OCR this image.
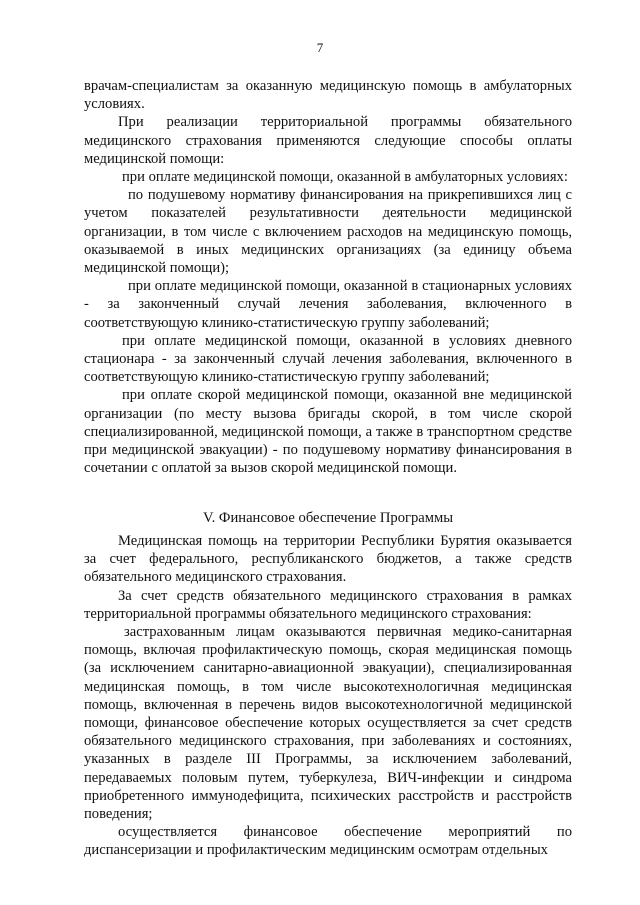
7

врачам-специалистам за оказанную медицинскую помощь в амбулаторных условиях.

При реализации территориальной программы обязательного медицинского страхования применяются следующие способы оплаты медицинской помощи:

при оплате медицинской помощи, оказанной в амбулаторных условиях:

по подушевому нормативу финансирования на прикрепившихся лиц с учетом показателей результативности деятельности медицинской организации, в том числе с включением расходов на медицинскую помощь, оказываемой в иных медицинских организациях (за единицу объема медицинской помощи);

при оплате медицинской помощи, оказанной в стационарных условиях - за законченный случай лечения заболевания, включенного в соответствующую клинико-статистическую группу заболеваний;

при оплате медицинской помощи, оказанной в условиях дневного стационара - за законченный случай лечения заболевания, включенного в соответствующую клинико-статистическую группу заболеваний;

при оплате скорой медицинской помощи, оказанной вне медицинской организации (по месту вызова бригады скорой, в том числе скорой специализированной, медицинской помощи, а также в транспортном средстве при медицинской эвакуации) - по подушевому нормативу финансирования в сочетании с оплатой за вызов скорой медицинской помощи.

V. Финансовое обеспечение Программы

Медицинская помощь на территории Республики Бурятия оказывается за счет федерального, республиканского бюджетов, а также средств обязательного медицинского страхования.

За счет средств обязательного медицинского страхования в рамках территориальной программы обязательного медицинского страхования:

застрахованным лицам оказываются первичная медико-санитарная помощь, включая профилактическую помощь, скорая медицинская помощь (за исключением санитарно-авиационной эвакуации), специализированная медицинская помощь, в том числе высокотехнологичная медицинская помощь, включенная в перечень видов высокотехнологичной медицинской помощи, финансовое обеспечение которых осуществляется за счет средств обязательного медицинского страхования, при заболеваниях и состояниях, указанных в разделе III Программы, за исключением заболеваний, передаваемых половым путем, туберкулеза, ВИЧ-инфекции и синдрома приобретенного иммунодефицита, психических расстройств и расстройств поведения;

осуществляется финансовое обеспечение мероприятий по диспансеризации и профилактическим медицинским осмотрам отдельных
